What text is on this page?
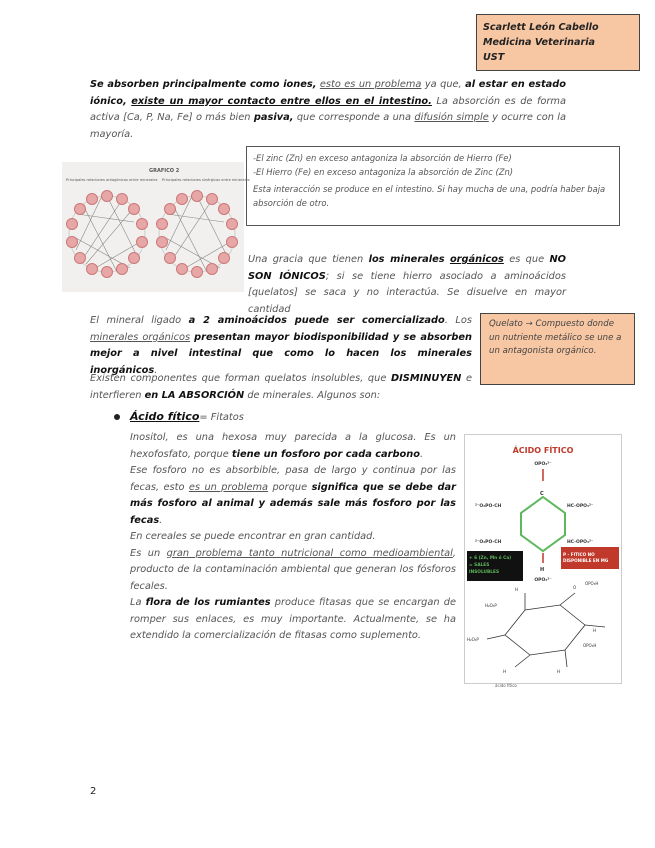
Scarlett León Cabello
Medicina Veterinaria
UST
Se absorben principalmente como iones, esto es un problema ya que, al estar en estado iónico, existe un mayor contacto entre ellos en el intestino. La absorción es de forma activa [Ca, P, Na, Fe] o más bien pasiva, que corresponde a una difusión simple y ocurre con la mayoría.
GRAFICO 2
Principales relaciones antagónicas entre minerales Principales relaciones sinérgicas entre minerales
-El zinc (Zn) en exceso antagoniza la absorción de Hierro (Fe)
-El Hierro (Fe) en exceso antagoniza la absorción de Zinc (Zn)
Esta interacción se produce en el intestino. Si hay mucha de una, podría haber baja absorción de otro.
Una gracia que tienen los minerales orgánicos es que NO SON IÓNICOS; si se tiene hierro asociado a aminoácidos [quelatos] se saca y no interactúa. Se disuelve en mayor cantidad
El mineral ligado a 2 aminoácidos puede ser comercializado. Los minerales orgánicos presentan mayor biodisponibilidad y se absorben mejor a nivel intestinal que como lo hacen los minerales inorgánicos.
Quelato → Compuesto donde un nutriente metálico se une a un antagonista orgánico.
Existen componentes que forman quelatos insolubles, que DISMINUYEN e interfieren en LA ABSORCIÓN de minerales. Algunos son:
Ácido fítico= Fitatos
Inositol, es una hexosa muy parecida a la glucosa. Es un hexofosfato, porque tiene un fosforo por cada carbono.
Ese fosforo no es absorbible, pasa de largo y continua por las fecas, esto es un problema porque significa que se debe dar más fosforo al animal y además sale más fosforo por las fecas.
En cereales se puede encontrar en gran cantidad.
Es un gran problema tanto nutricional como medioambiental, producto de la contaminación ambiental que generan los fósforos fecales.
La flora de los rumiantes produce fitasas que se encargan de romper sus enlaces, es muy importante. Actualmente, se ha extendido la comercialización de fitasas como suplemento.
ÁCIDO FÍTICO
OPO₃²⁻
C
HC-OPO₃²⁻
HC-OPO₃²⁻
²⁻O₃PO-CH
²⁻O₃PO-CH
H
+ 6 (Zn, Mn ó Ca) = SALES INSOLUBLES
P - FITICO NO DISPONIBLE EN MG
OPO₃²⁻
H	O
OPO₃H
H₂O₃P
H₂O₃P
H
H
OPO₃H
H
ácido fítico
2
